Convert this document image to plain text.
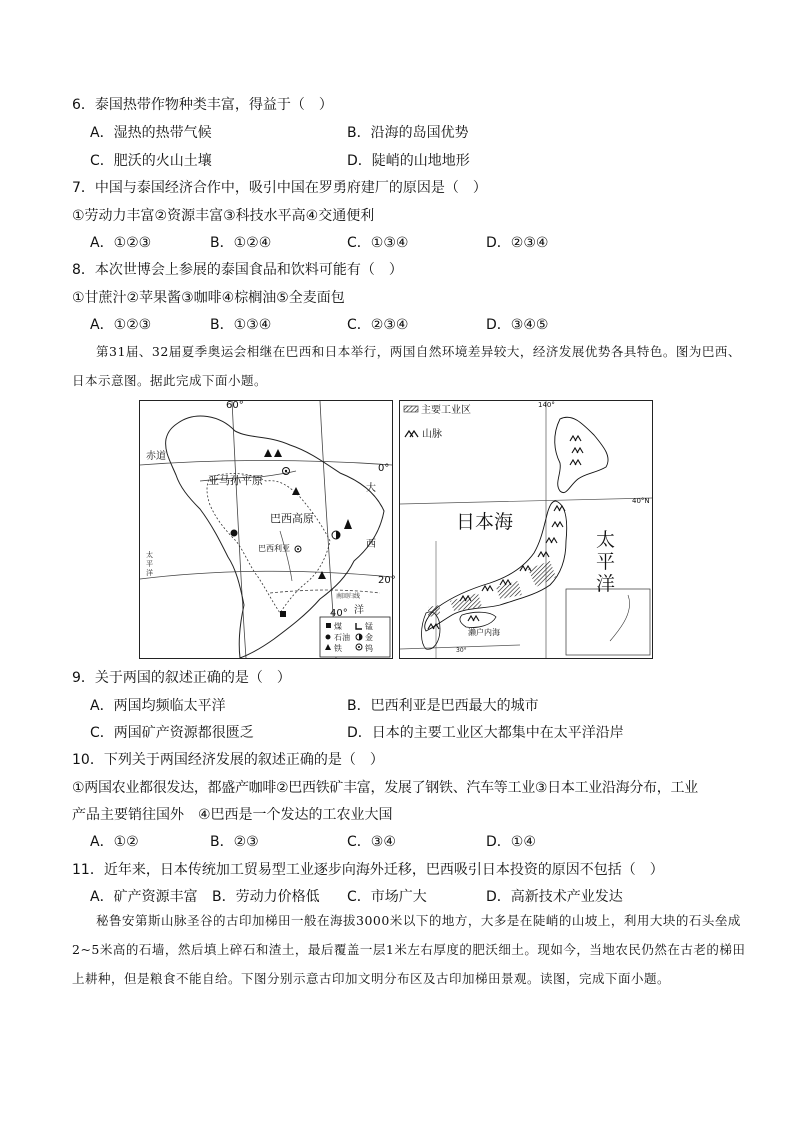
6．泰国热带作物种类丰富，得益于（　）
A．湿热的热带气候	B．沿海的岛国优势
C．肥沃的火山土壤	D．陡峭的山地地形
7．中国与泰国经济合作中，吸引中国在罗勇府建厂的原因是（　）
①劳动力丰富②资源丰富③科技水平高④交通便利
A．①②③	B．①②④	C．①③④	D．②③④
8．本次世博会上参展的泰国食品和饮料可能有（　）
①甘蔗汁②苹果酱③咖啡④棕榈油⑤全麦面包
A．①②③	B．①③④	C．②③④	D．③④⑤
第31届、32届夏季奥运会相继在巴西和日本举行，两国自然环境差异较大，经济发展优势各具特色。图为巴西、日本示意图。据此完成下面小题。
60°
赤道
亚马孙平原
0°
大
巴西高原
西
巴西利亚
太平洋
20°
南回归线
洋
40°
煤	锰
石油 金
铁	钨
主要工业区
山脉
140°
40°N
日本海
太平
洋
濑户内海
30°
9．关于两国的叙述正确的是（　）
A．两国均频临太平洋	B．巴西利亚是巴西最大的城市
C．两国矿产资源都很匮乏	D．日本的主要工业区大都集中在太平洋沿岸
10．下列关于两国经济发展的叙述正确的是（　）
①两国农业都很发达，都盛产咖啡②巴西铁矿丰富，发展了钢铁、汽车等工业③日本工业沿海分布，工业
产品主要销往国外　④巴西是一个发达的工农业大国
A．①②	B．②③	C．③④	D．①④
11．近年来，日本传统加工贸易型工业逐步向海外迁移，巴西吸引日本投资的原因不包括（　）
A．矿产资源丰富 B．劳动力价格低 C．市场广大	D．高新技术产业发达
秘鲁安第斯山脉圣谷的古印加梯田一般在海拔3000米以下的地方，大多是在陡峭的山坡上，利用大块的石头垒成2~5米高的石墙，然后填上碎石和渣土，最后覆盖一层1米左右厚度的肥沃细土。现如今，当地农民仍然在古老的梯田上耕种，但是粮食不能自给。下图分别示意古印加文明分布区及古印加梯田景观。读图，完成下面小题。
